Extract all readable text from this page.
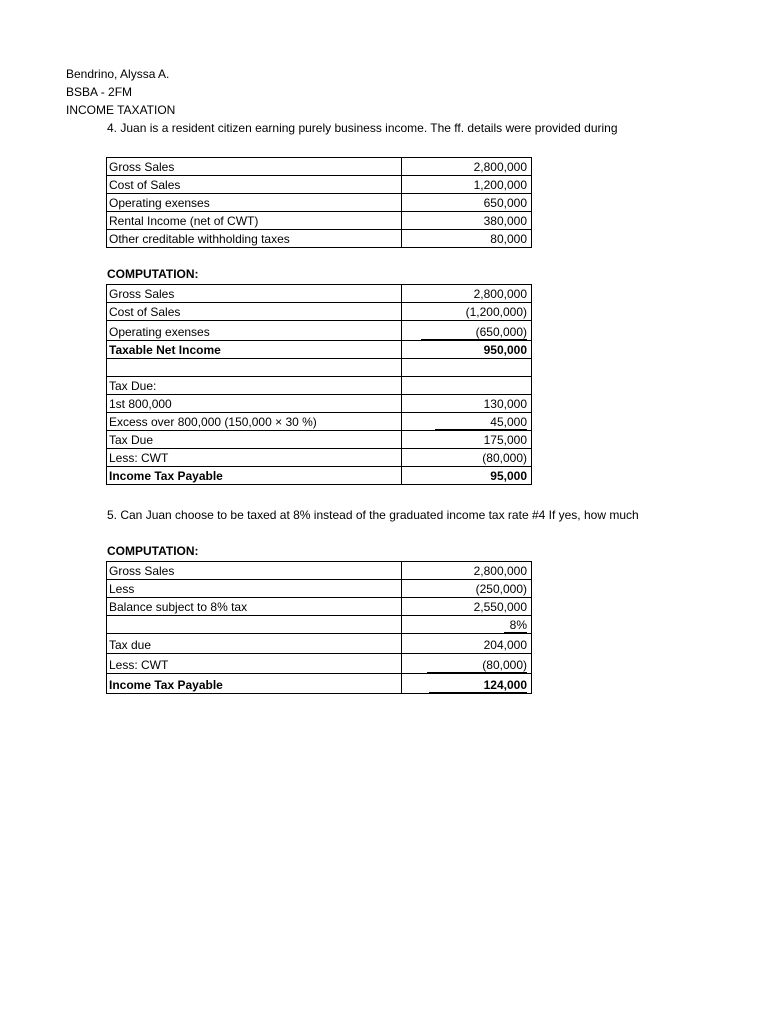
Bendrino, Alyssa A.
BSBA - 2FM
INCOME TAXATION
4. Juan is a resident citizen earning purely business income. The ff. details were provided during
Gross Sales	2,800,000
Cost of Sales	1,200,000
Operating exenses	650,000
Rental Income (net of CWT)	380,000
Other creditable withholding taxes	80,000
COMPUTATION:
Gross Sales	2,800,000
Cost of Sales	(1,200,000)
Operating exenses	(650,000)
Taxable Net Income	950,000

Tax Due:	
1st 800,000	130,000
Excess over 800,000 (150,000 × 30 %)	45,000
Tax Due	175,000
Less: CWT	(80,000)
Income Tax Payable	95,000
5. Can Juan choose to be taxed at 8% instead of the graduated income tax rate #4 If yes, how much
COMPUTATION:
Gross Sales	2,800,000
Less	(250,000)
Balance subject to 8% tax	2,550,000
	8%
Tax due	204,000
Less: CWT	(80,000)
Income Tax Payable	124,000
